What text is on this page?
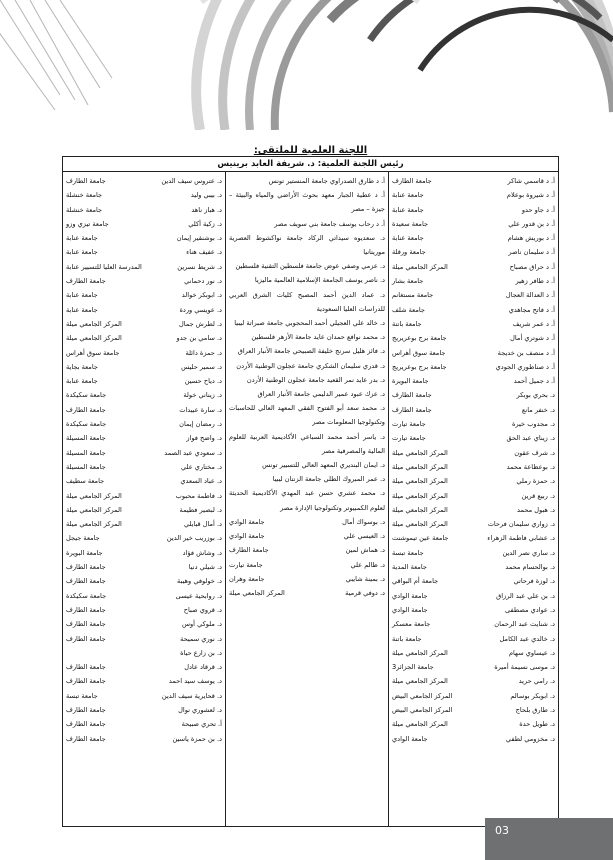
اللجنة العلمية للملتقى:
رئيس اللجنة العلمية: د. شريفة العابد برينيس
أ. د قاسمي شاكر
جامعة الطارف
أ. د شيروة بوعلام
جامعة عنابة
أ. د جاو حدو
جامعة عنابة
أ. د بن قدور علي
جامعة سعيدة
أ. د بوريش هشام
جامعة عنابة
أ. د سليمان ناصر
جامعة ورقلة
أ. د حراق مصباح
المركز الجامعي ميلة
أ. د طافر زهير
جامعة بشار
أ. د العدالة العجال
جامعة مستغانم
أ. د فاتح مجاهدي
جامعة شلف
أ. د عمر شريف
جامعة باتنة
أ. د شوتري أمال
جامعة برج بوعريريج
أ. د منصف بن خديجة
جامعة سوق أهراس
أ. د صناطوري الجودي
جامعة برج بوعريريج
أ. د جميل أحمد
جامعة البويرة
د. بحري بوبكر
جامعة الطارف
د. خنفر مانع
جامعة الطارف
د. مجدوب خيرة
جامعة تيارت
د. زيناي عبد الحق
جامعة تيارت
د. شرف عقون
المركز الجامعي ميلة
د. بوعظاعة محمد
المركز الجامعي ميلة
د. حمزة رملي
المركز الجامعي ميلة
د. ربيع قرين
المركز الجامعي ميلة
د. هبول محمد
المركز الجامعي ميلة
د. زواري سليمان فرحات
المركز الجامعي ميلة
د. عشابي فاطمة الزهراء
جامعة عين تيموشنت
د. ساري نصر الدين
جامعة تبسة
د. بوالحسام محمد
جامعة المدية
د. لوزة فرحاتي
جامعة أم البواقي
د. بن علي عبد الرزاق
جامعة الوادي
د. عوادي مصطفى
جامعة الوادي
د. شنايت عبد الرحمان
جامعة معسكر
د. خالدي عبد الكامل
جامعة باتنة
د. عيساوي سهام
المركز الجامعي ميلة
د. موسى نسيمة أميرة
جامعة الجزائر3
د. رامي حريد
المركز الجامعي ميلة
د. ابوبكر بوسالم
المركز الجامعي البيض
د. طارق بلحاج
المركز الجامعي البيض
د. طويل حدة
المركز الجامعي ميلة
د. مخزومي لطفي
جامعة الوادي
أ. د طارق الصدراوي جامعة المنستير تونس
أ. د عطية الجبار معهد بحوث الأراضي والمياه والبيئة – جيزة – مصر
أ. د رحاب يوسف جامعة بني سويف مصر
د. سعديوه سيداتي الركاد جامعة نواكشوط العصرية موريتانيا
د. عزمي وصفي عوض جامعة فلسطين التقنية فلسطين
د. ناصر يوسف الجامعة الإسلامية العالمية ماليزيا
د. عماد الدين أحمد المصبح كليات الشرق العربي للدراسات العليا السعودية
د. خالد علي العجيلي أحمد المحجوبي جامعة صبراتة ليبيا
د. محمد نوافع حمدان عايد جامعة الأزهر فلسطين
د. فائز هليل سرنج خليفة الصبيحي جامعة الأنبار العراق
د. قدري سليمان الشكري جامعة عجلون الوطنية الأردن
د. بدر عايد نمر القعيد جامعة عجلون الوطنية الأردن
د. عزك عبود عمير الدليمي جامعة الأنبار العراق
د. محمد سعد أبو الفتوح الفقي المعهد العالي للحاسبات وتكنولوجيا المعلومات مصر
د. ياسر أحمد محمد السباعي الأكاديمية العربية للعلوم المالية والمصرفية مصر
د. ايمان البنديري المعهد العالي للتسيير تونس
د. عمر المبروك الطلي جامعة الزنتان ليبيا
د. محمد عشري حسن عبد المهدي الأكاديمية الحديثة لعلوم الكمبيوتر وتكنولوجيا الإدارة مصر
د. بوسواك أمال
جامعة الوادي
د. العيسي علي
جامعة الوادي
د. هماش لمين
جامعة الطارف
د. ظالم علي
جامعة تيارت
د. بمينة شايبي
جامعة وهران
د. دوفي قرمية
المركز الجامعي ميلة
د. عتروس سيف الدين
جامعة الطارف
د. بيبي وليد
جامعة خنشلة
د. هباز ناهد
جامعة خنشلة
د. زكية أكلي
جامعة تيزي وزو
د. بوشنقير إيمان
جامعة عنابة
د. عفيف هناء
جامعة عنابة
د. شريط نسرين
المدرسة العليا للتسيير عنابة
د. نور دحماني
جامعة الطارف
د. ابوبكر خوالد
جامعة عنابة
د. عويسي وردة
جامعة عنابة
د. لطرش جمال
المركز الجامعي ميلة
د. سامي بن جدو
المركز الجامعي ميلة
د. حمزة دائلة
جامعة سوق أهراس
د. سمير حليس
جامعة بجاية
د. دياح حسين
جامعة عنابة
د. زيناني خولة
جامعة سكيكدة
د. سارة عبيدات
جامعة الطارف
د. رمضان إيمان
جامعة سكيكدة
د. واضح فواز
جامعة المسيلة
د. سعودي عبد الصمد
جامعة المسيلة
د. مختاري علي
جامعة المسيلة
د. عباد السعدي
جامعة سطيف
د. فاطمة محبوب
المركز الجامعي ميلة
د. لبصير فطيمة
المركز الجامعي ميلة
د. أمال قبايلي
المركز الجامعي ميلة
د. بوزريب خير الدين
جامعة جيجل
د. وشاش فؤاد
جامعة البويرة
د. شيلي دنيا
جامعة الطارف
د. خولوفي وهيبة
جامعة الطارف
د. روابحية عيسى
جامعة سكيكدة
د. قروي صباح
جامعة الطارف
د. ملوكي أوس
جامعة الطارف
د. نوري سميحة
جامعة الطارف
د. بن زارع حياة
د. قرقاد عادل
جامعة الطارف
د. يوسف سيد احمد
جامعة الطارف
د. قحايرية سيف الدين
جامعة تبسة
د. لعشوري نوال
جامعة الطارف
أ. تحري صبيحة
جامعة الطارف
د. بن حمزة ياسين
جامعة الطارف
03
